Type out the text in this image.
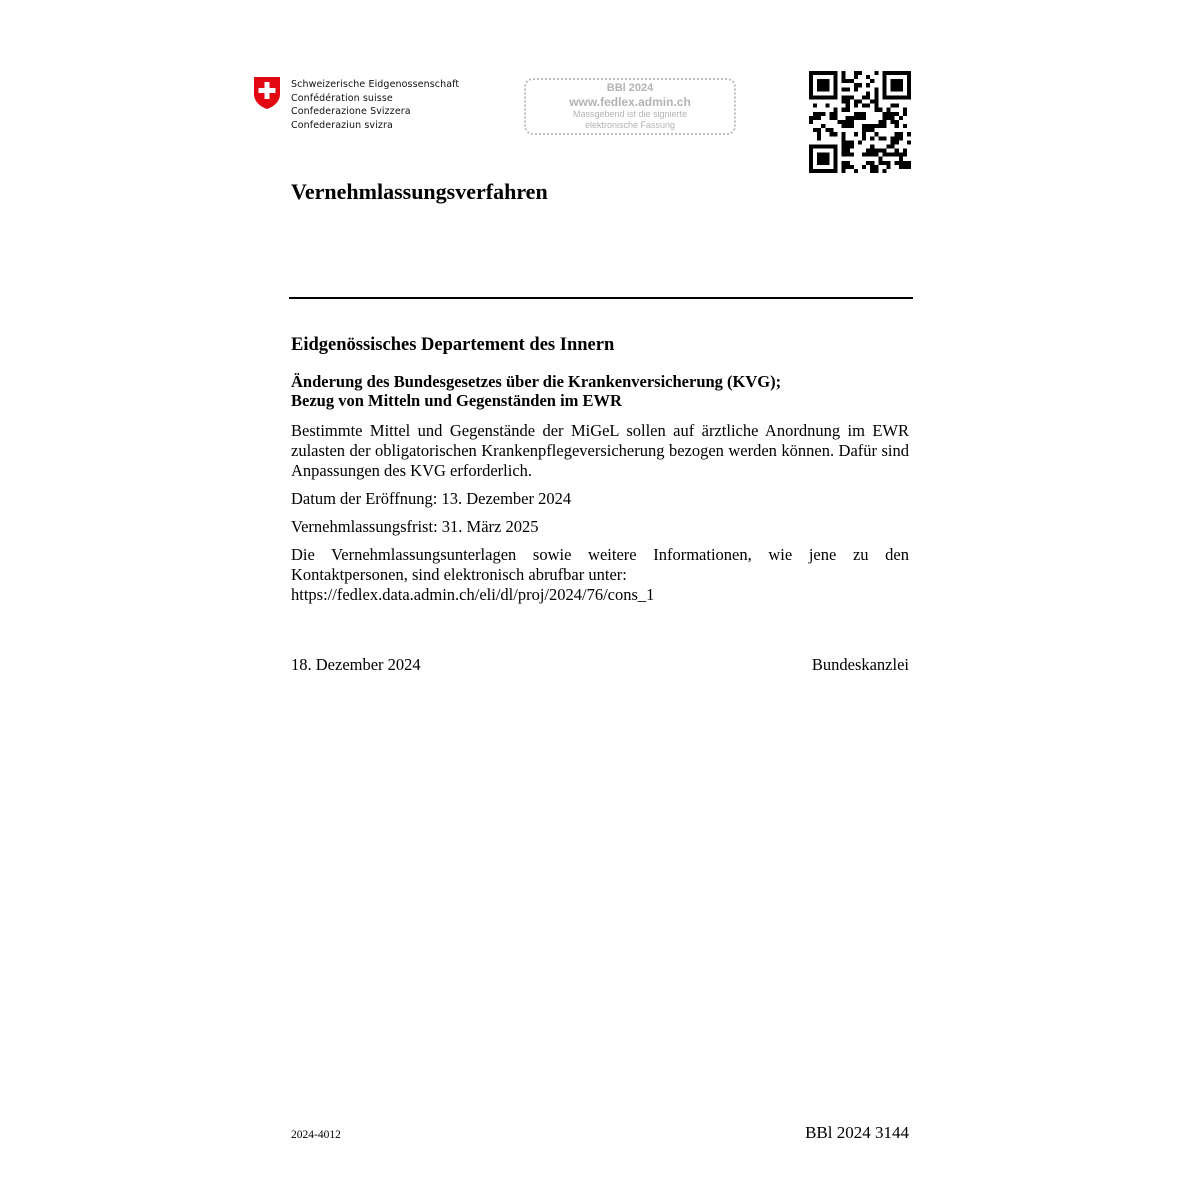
Schweizerische Eidgenossenschaft
Confédération suisse
Confederazione Svizzera
Confederaziun svizra
BBl 2024
www.fedlex.admin.ch
Massgebend ist die signierte
elektronische Fassung
Vernehmlassungsverfahren
Eidgenössisches Departement des Innern
Änderung des Bundesgesetzes über die Krankenversicherung (KVG);
Bezug von Mitteln und Gegenständen im EWR
Bestimmte Mittel und Gegenstände der MiGeL sollen auf ärztliche Anordnung im EWR zulasten der obligatorischen Krankenpflegeversicherung bezogen werden können. Dafür sind Anpassungen des KVG erforderlich.
Datum der Eröffnung: 13. Dezember 2024
Vernehmlassungsfrist: 31. März 2025
Die Vernehmlassungsunterlagen sowie weitere Informationen, wie jene zu den
Kontaktpersonen, sind elektronisch abrufbar unter:
https://fedlex.data.admin.ch/eli/dl/proj/2024/76/cons_1
18. Dezember 2024	Bundeskanzlei
2024-4012	BBl 2024 3144
